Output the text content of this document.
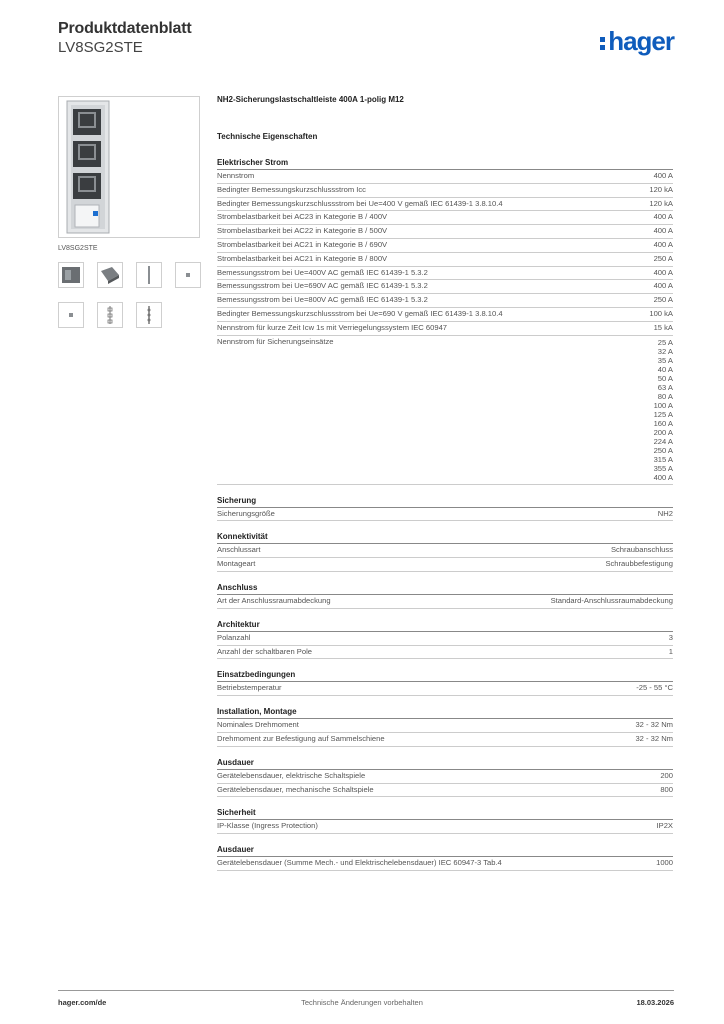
Produktdatenblatt
LV8SG2STE	hager
LV8SG2STE
NH2-Sicherungslastschaltleiste 400A 1-polig M12
Technische Eigenschaften
Elektrischer Strom
Nennstrom	400 A
Bedingter Bemessungskurzschlussstrom Icc	120 kA
Bedingter Bemessungskurzschlussstrom bei Ue=400 V gemäß IEC 61439-1 3.8.10.4	120 kA
Strombelastbarkeit bei AC23 in Kategorie B / 400V	400 A
Strombelastbarkeit bei AC22 in Kategorie B / 500V	400 A
Strombelastbarkeit bei AC21 in Kategorie B / 690V	400 A
Strombelastbarkeit bei AC21 in Kategorie B / 800V	250 A
Bemessungsstrom bei Ue=400V AC gemäß IEC 61439-1 5.3.2	400 A
Bemessungsstrom bei Ue=690V AC gemäß IEC 61439-1 5.3.2	400 A
Bemessungsstrom bei Ue=800V AC gemäß IEC 61439-1 5.3.2	250 A
Bedingter Bemessungskurzschlussstrom bei Ue=690 V gemäß IEC 61439-1 3.8.10.4	100 kA
Nennstrom für kurze Zeit Icw 1s mit Verriegelungssystem IEC 60947	15 kA
Nennstrom für Sicherungseinsätze	25 A
32 A
35 A
40 A
50 A
63 A
80 A
100 A
125 A
160 A
200 A
224 A
250 A
315 A
355 A
400 A
Sicherung
Sicherungsgröße	NH2
Konnektivität
Anschlussart	Schraubanschluss
Montageart	Schraubbefestigung
Anschluss
Art der Anschlussraumabdeckung	Standard-Anschlussraumabdeckung
Architektur
Polanzahl	3
Anzahl der schaltbaren Pole	1
Einsatzbedingungen
Betriebstemperatur	-25 - 55 °C
Installation, Montage
Nominales Drehmoment	32 - 32 Nm
Drehmoment zur Befestigung auf Sammelschiene	32 - 32 Nm
Ausdauer
Gerätelebensdauer, elektrische Schaltspiele	200
Gerätelebensdauer, mechanische Schaltspiele	800
Sicherheit
IP-Klasse (Ingress Protection)	IP2X
Ausdauer
Gerätelebensdauer (Summe Mech.- und Elektrischelebensdauer) IEC 60947-3 Tab.4	1000
hager.com/de	Technische Änderungen vorbehalten	18.03.2026
